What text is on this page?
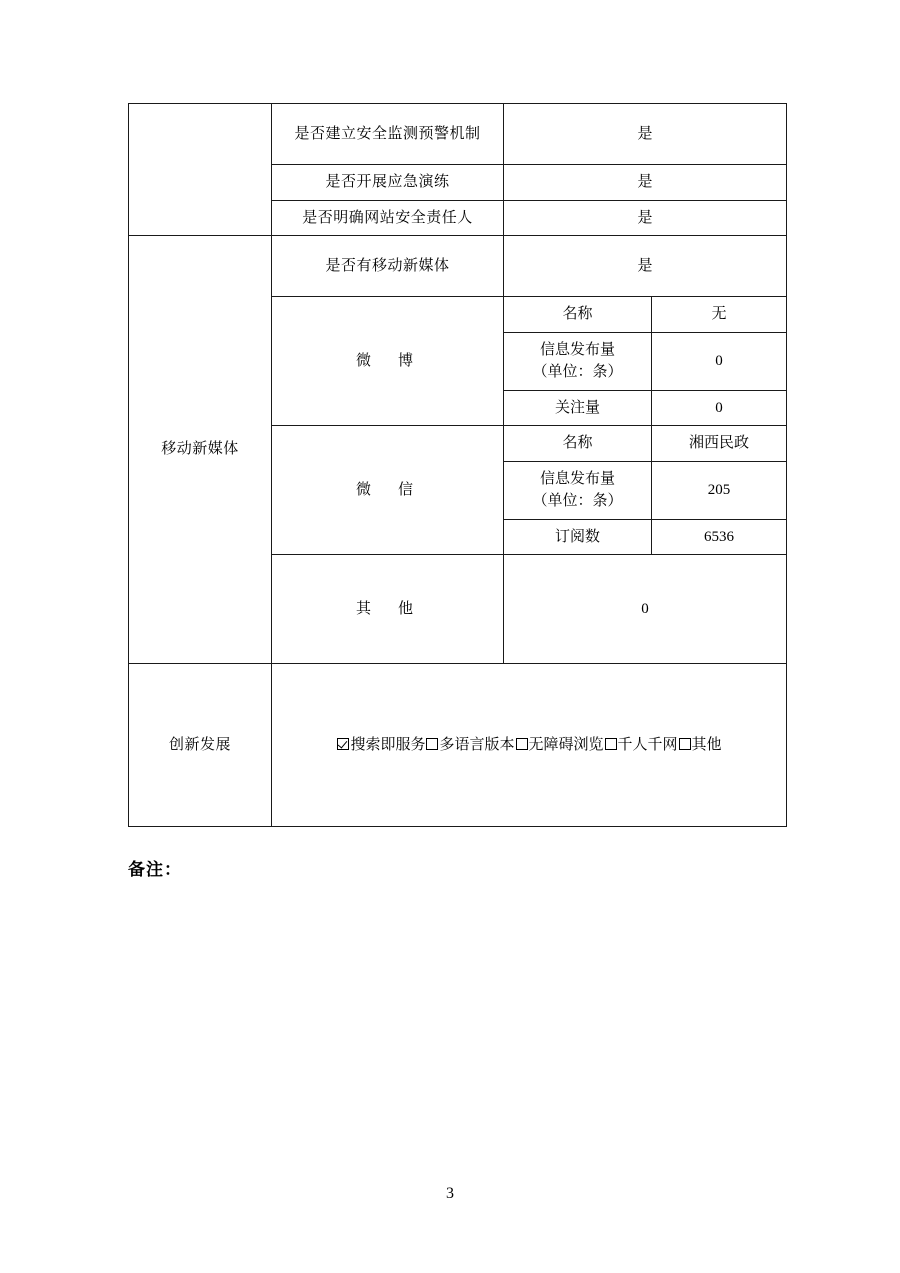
	是否建立安全监测预警机制	是	
	是否开展应急演练	是	
	是否明确网站安全责任人	是	
移动新媒体	是否有移动新媒体	是	
	微　博	名称	无

		信息发布量
（单位：条）	0
		关注量	0
	微　信	名称	湘西民政

		信息发布量
（单位：条）	205
		订阅数	6536
	其　他	0	
创新发展	搜索即服务 多语言版本 无障碍浏览 千人千网 其他		
备注：
3
